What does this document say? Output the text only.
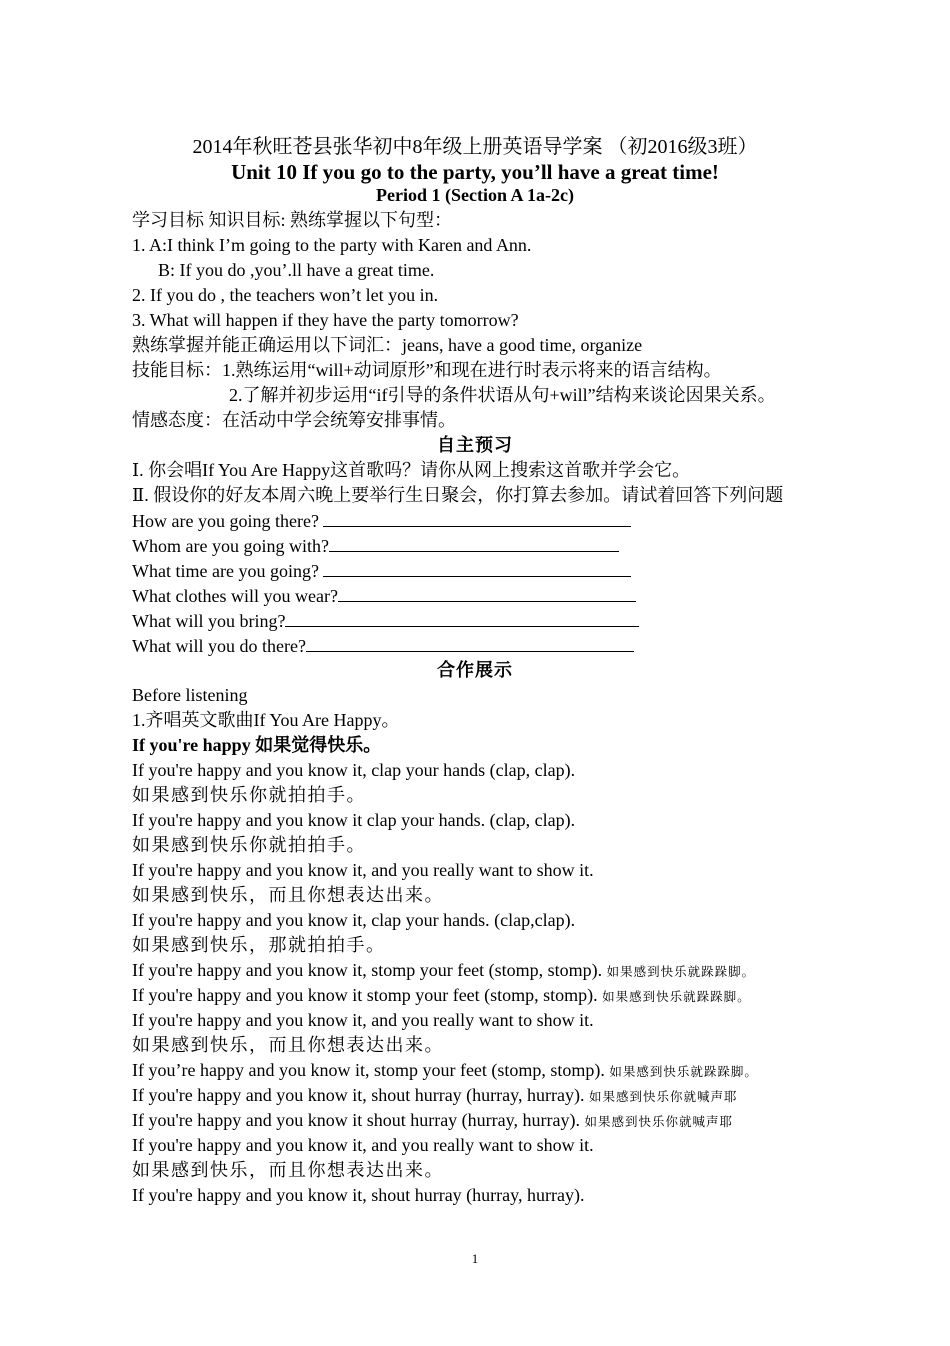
2014年秋旺苍县张华初中8年级上册英语导学案 （初2016级3班）
Unit 10 If you go to the party, you’ll have a great time!
Period 1 (Section A 1a-2c)
学习目标 知识目标: 熟练掌握以下句型：
1. A:I think I’m going to the party with Karen and Ann.
B: If you do ,you’.ll have a great time.
2. If you do , the teachers won’t let you in.
3. What will happen if they have the party tomorrow?
熟练掌握并能正确运用以下词汇：jeans, have a good time, organize
技能目标：1.熟练运用“will+动词原形”和现在进行时表示将来的语言结构。
2.了解并初步运用“if引导的条件状语从句+will”结构来谈论因果关系。
情感态度：在活动中学会统筹安排事情。
自主预习
Ⅰ. 你会唱If You Are Happy这首歌吗？请你从网上搜索这首歌并学会它。
Ⅱ. 假设你的好友本周六晚上要举行生日聚会，你打算去参加。请试着回答下列问题
How are you going there?
Whom are you going with?
What time are you going?
What clothes will you wear?
What will you bring?
What will you do there?
合作展示
Before listening
1.齐唱英文歌曲If You Are Happy。
If you're happy 如果觉得快乐。
If you're happy and you know it, clap your hands (clap, clap).
如果感到快乐你就拍拍手。
If you're happy and you know it clap your hands. (clap, clap).
如果感到快乐你就拍拍手。
If you're happy and you know it, and you really want to show it.
如果感到快乐，而且你想表达出来。
If you're happy and you know it, clap your hands. (clap,clap).
如果感到快乐，那就拍拍手。
If you're happy and you know it, stomp your feet (stomp, stomp). 如果感到快乐就跺跺脚。
If you're happy and you know it stomp your feet (stomp, stomp). 如果感到快乐就跺跺脚。
If you're happy and you know it, and you really want to show it.
如果感到快乐，而且你想表达出来。
If you’re happy and you know it, stomp your feet (stomp, stomp). 如果感到快乐就跺跺脚。
If you're happy and you know it, shout hurray (hurray, hurray). 如果感到快乐你就喊声耶
If you're happy and you know it shout hurray (hurray, hurray). 如果感到快乐你就喊声耶
If you're happy and you know it, and you really want to show it.
如果感到快乐，而且你想表达出来。
If you're happy and you know it, shout hurray (hurray, hurray).
1
